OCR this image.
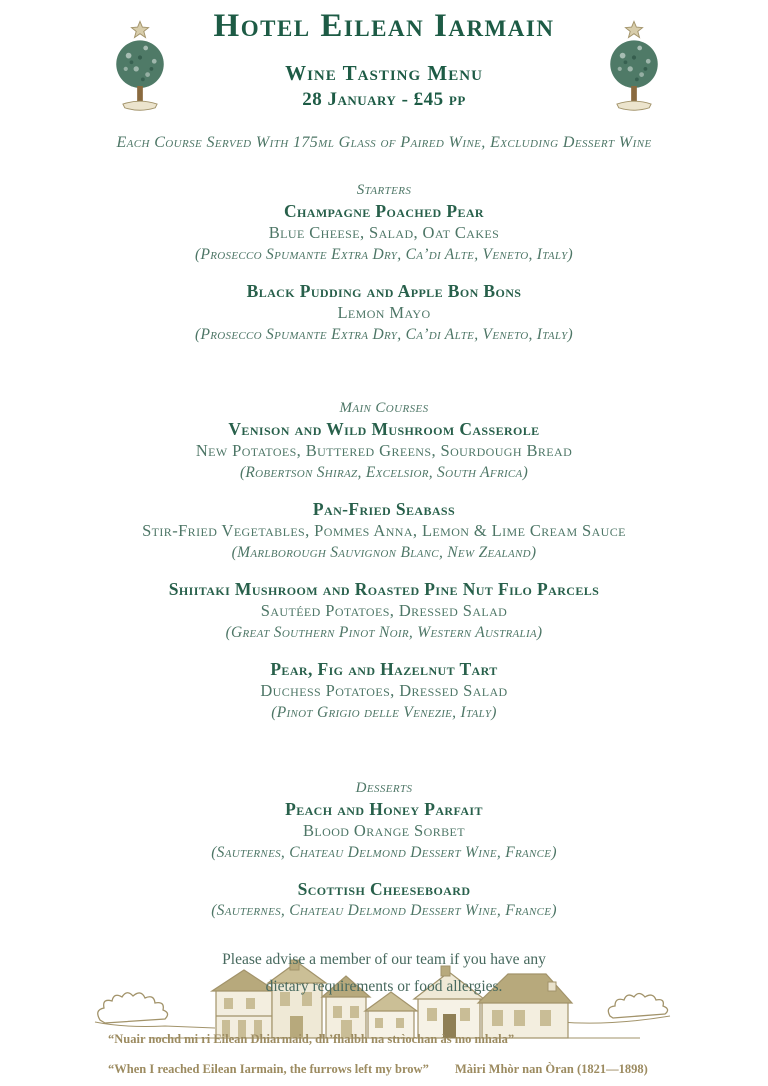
Hotel Eilean Iarmain
Wine Tasting Menu
28 January - £45 pp
Each Course Served With 175ml Glass of Paired Wine, Excluding Dessert Wine
Starters
Champagne Poached Pear
Blue Cheese, Salad, Oat Cakes
(Prosecco Spumante Extra Dry, Ca’di Alte, Veneto, Italy)
Black Pudding and Apple Bon Bons
Lemon Mayo
(Prosecco Spumante Extra Dry, Ca’di Alte, Veneto, Italy)
Main Courses
Venison and Wild Mushroom Casserole
New Potatoes, Buttered Greens, Sourdough Bread
(Robertson Shiraz, Excelsior, South Africa)
Pan-Fried Seabass
Stir-Fried Vegetables, Pommes Anna, Lemon & Lime Cream Sauce
(Marlborough Sauvignon Blanc, New Zealand)
Shiitaki Mushroom and Roasted Pine Nut Filo Parcels
Sautéed Potatoes, Dressed Salad
(Great Southern Pinot Noir, Western Australia)
Pear, Fig and Hazelnut Tart
Duchess Potatoes, Dressed Salad
(Pinot Grigio delle Venezie, Italy)
Desserts
Peach and Honey Parfait
Blood Orange Sorbet
(Sauternes, Chateau Delmond Dessert Wine, France)
Scottish Cheeseboard
(Sauternes, Chateau Delmond Dessert Wine, France)
Please advise a member of our team if you have any dietary requirements or food allergies.
“Nuair nochd mi ri Eilean Dhiarmaid, dh’fhalbh na strìochan às mo mhala”
“When I reached Eilean Iarmain, the furrows left my brow” Màiri Mhòr nan Òran (1821—1898)
